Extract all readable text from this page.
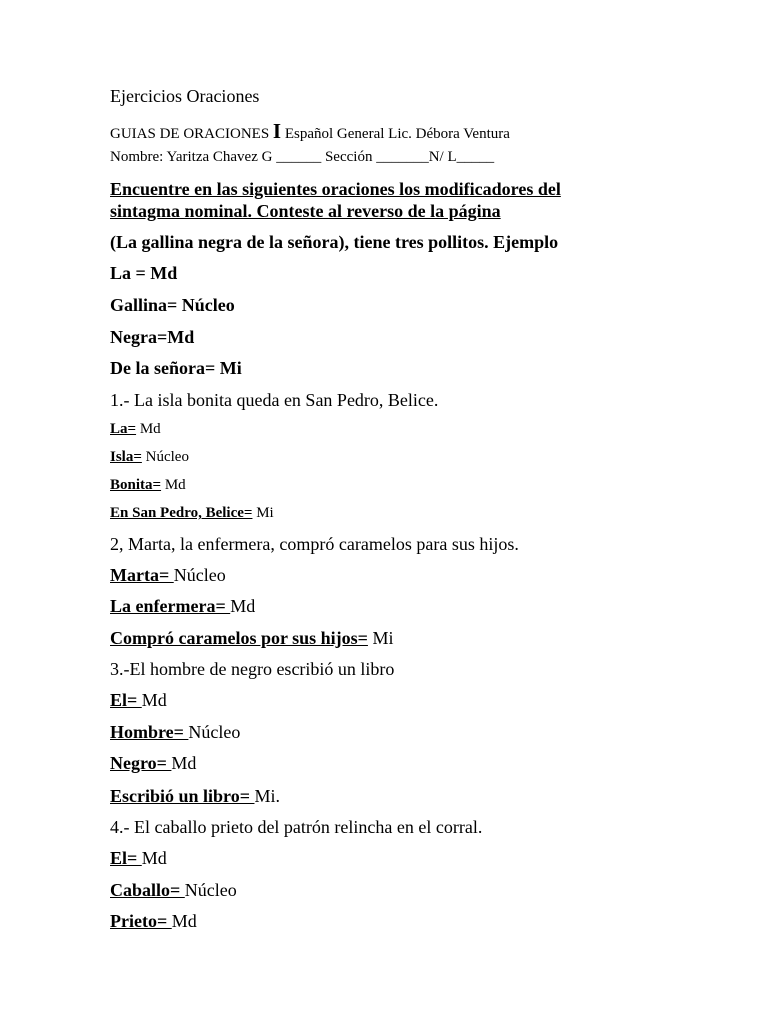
Ejercicios Oraciones
GUIAS DE ORACIONES I Español General Lic. Débora Ventura
Nombre: Yaritza Chavez G ______ Sección _______N/ L_____
Encuentre en las siguientes oraciones los modificadores del
sintagma nominal. Conteste al reverso de la página
(La gallina negra de la señora), tiene tres pollitos. Ejemplo
La = Md
Gallina= Núcleo
Negra=Md
De la señora= Mi
1.- La isla bonita queda en San Pedro, Belice.
La= Md
Isla= Núcleo
Bonita= Md
En San Pedro, Belice= Mi
2, Marta, la enfermera, compró caramelos para sus hijos.
Marta= Núcleo
La enfermera= Md
Compró caramelos por sus hijos= Mi
3.-El hombre de negro escribió un libro
El= Md
Hombre= Núcleo
Negro= Md
Escribió un libro= Mi.
4.- El caballo prieto del patrón relincha en el corral.
El= Md
Caballo= Núcleo
Prieto= Md
